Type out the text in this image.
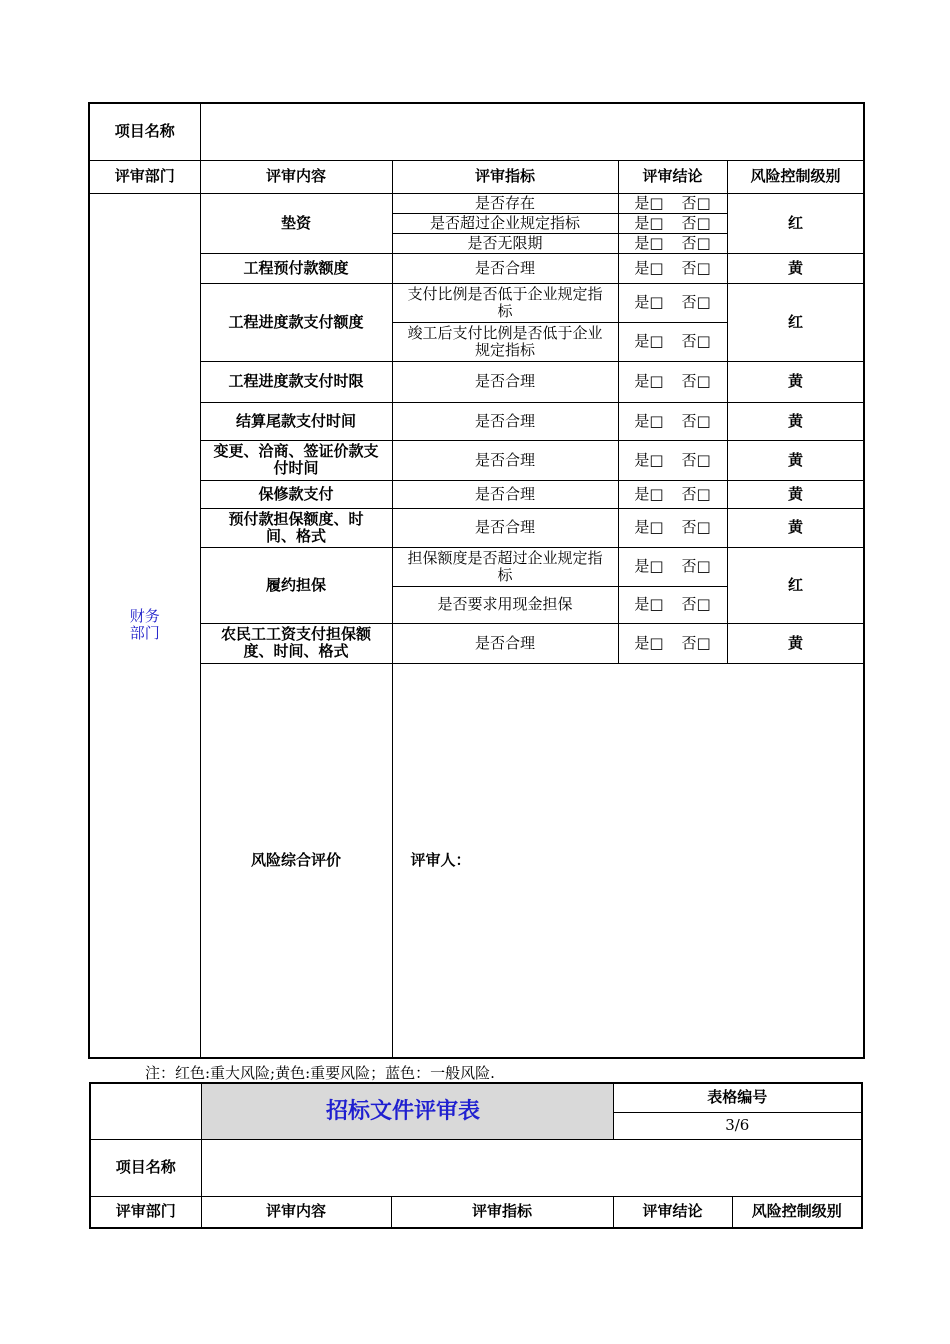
项目名称					
评审部门	评审内容	评审指标	评审结论	风险控制级别	

财务部门	垫资	是否存在	是□ 否□	红	
		是否超过企业规定指标	是□ 否□		
		是否无限期	是□ 否□		
	工程预付款额度	是否合理	是□ 否□	黄	
	工程进度款支付额度	支付比例是否低于企业规定指标	是□ 否□	红	

		竣工后支付比例是否低于企业规定指标	是□ 否□		
	工程进度款支付时限	是否合理	是□ 否□	黄	
	结算尾款支付时间	是否合理	是□ 否□	黄	

	变更、洽商、签证价款支付时间	是否合理	是□ 否□	黄	
	保修款支付	是否合理	是□ 否□	黄	

	预付款担保额度、时间、格式	是否合理	是□ 否□	黄	
	履约担保	担保额度是否超过企业规定指标	是□ 否□	红	
		是否要求用现金担保	是□ 否□		

	农民工工资支付担保额度、时间、格式	是否合理	是□ 否□	黄	
	风险综合评价	评审人：

注：红色:重大风险;黄色:重要风险；蓝色：一般风险.

	招标文件评审表		表格编号	
			3/6	
项目名称				
评审部门	评审内容	评审指标	评审结论	风险控制级别
